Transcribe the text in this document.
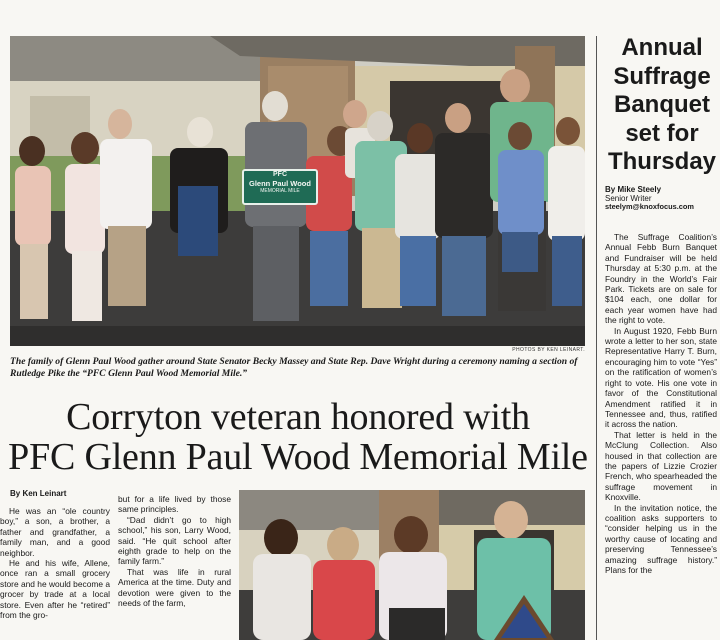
PFC
Glenn Paul Wood
MEMORIAL MILE
PHOTOS BY KEN LEINART.
The family of Glenn Paul Wood gather around State Senator Becky Massey and State Rep. Dave Wright during a ceremony naming a section of Rutledge Pike the “PFC Glenn Paul Wood Memorial Mile.”
Corryton veteran honored with
PFC Glenn Paul Wood Memorial Mile
By Ken Leinart

He was an “ole country boy,” a son, a brother, a father and grandfather, a family man, and a good neighbor.

He and his wife, Allene, once ran a small grocery store and he would become a grocer by trade at a local store. Even after he “retired” from the gro-

but for a life lived by those same principles.

“Dad didn’t go to high school,” his son, Larry Wood, said. “He quit school after eighth grade to help on the family farm.”

That was life in rural America at the time. Duty and devotion were given to the needs of the farm,

Annual
Suffrage
Banquet
set for
Thursday
By Mike Steely
Senior Writer
steelym@knoxfocus.com

The Suffrage Coalition’s Annual Febb Burn Banquet and Fundraiser will be held Thursday at 5:30 p.m. at the Foundry in the World’s Fair Park. Tickets are on sale for $104 each, one dollar for each year women have had the right to vote.

In August 1920, Febb Burn wrote a letter to her son, state Representative Harry T. Burn, encouraging him to vote “Yes” on the ratification of women’s right to vote. His one vote in favor of the Constitutional Amendment ratified it in Tennessee and, thus, ratified it across the nation.

That letter is held in the McClung Collection. Also housed in that collection are the papers of Lizzie Crozier French, who spearheaded the suffrage movement in Knoxville.

In the invitation notice, the coalition asks supporters to “consider helping us in the worthy cause of locating and preserving Tennessee’s amazing suffrage history.” Plans for the
